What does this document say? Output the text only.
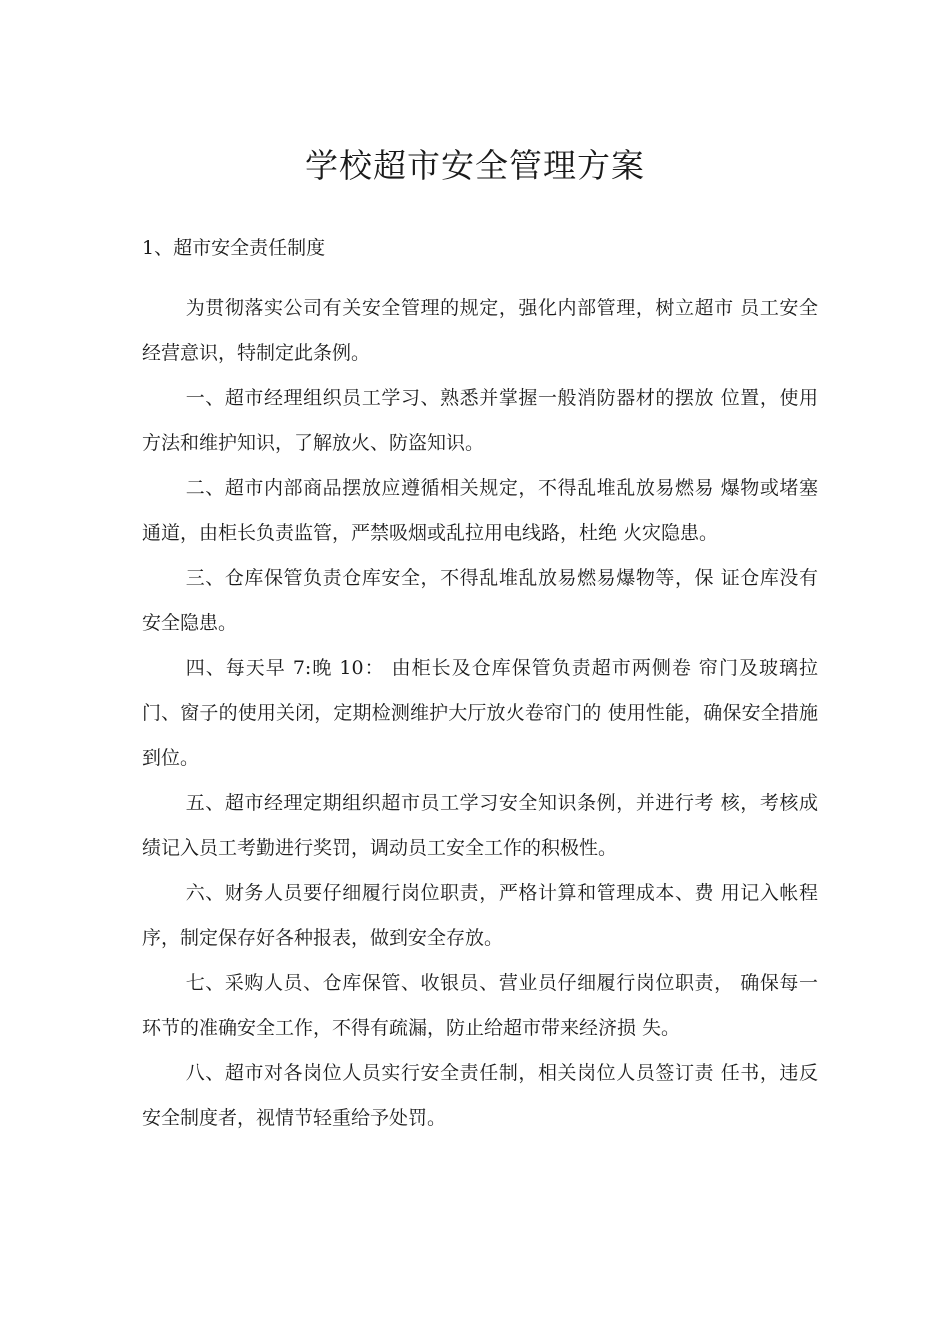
学校超市安全管理方案
1、超市安全责任制度

为贯彻落实公司有关安全管理的规定，强化内部管理，树立超市 员工安全经营意识，特制定此条例。

一、超市经理组织员工学习、熟悉并掌握一般消防器材的摆放 位置，使用方法和维护知识，了解放火、防盗知识。

二、超市内部商品摆放应遵循相关规定，不得乱堆乱放易燃易 爆物或堵塞通道，由柜长负责监管，严禁吸烟或乱拉用电线路，杜绝 火灾隐患。

三、仓库保管负责仓库安全，不得乱堆乱放易燃易爆物等，保 证仓库没有安全隐患。

四、每天早 7:晚 10： 由柜长及仓库保管负责超市两侧卷 帘门及玻璃拉门、窗子的使用关闭，定期检测维护大厅放火卷帘门的 使用性能，确保安全措施到位。

五、超市经理定期组织超市员工学习安全知识条例，并进行考 核，考核成绩记入员工考勤进行奖罚，调动员工安全工作的积极性。

六、财务人员要仔细履行岗位职责，严格计算和管理成本、费 用记入帐程序，制定保存好各种报表，做到安全存放。

七、采购人员、仓库保管、收银员、营业员仔细履行岗位职责， 确保每一环节的准确安全工作，不得有疏漏，防止给超市带来经济损 失。

八、超市对各岗位人员实行安全责任制，相关岗位人员签订责 任书，违反安全制度者，视情节轻重给予处罚。
